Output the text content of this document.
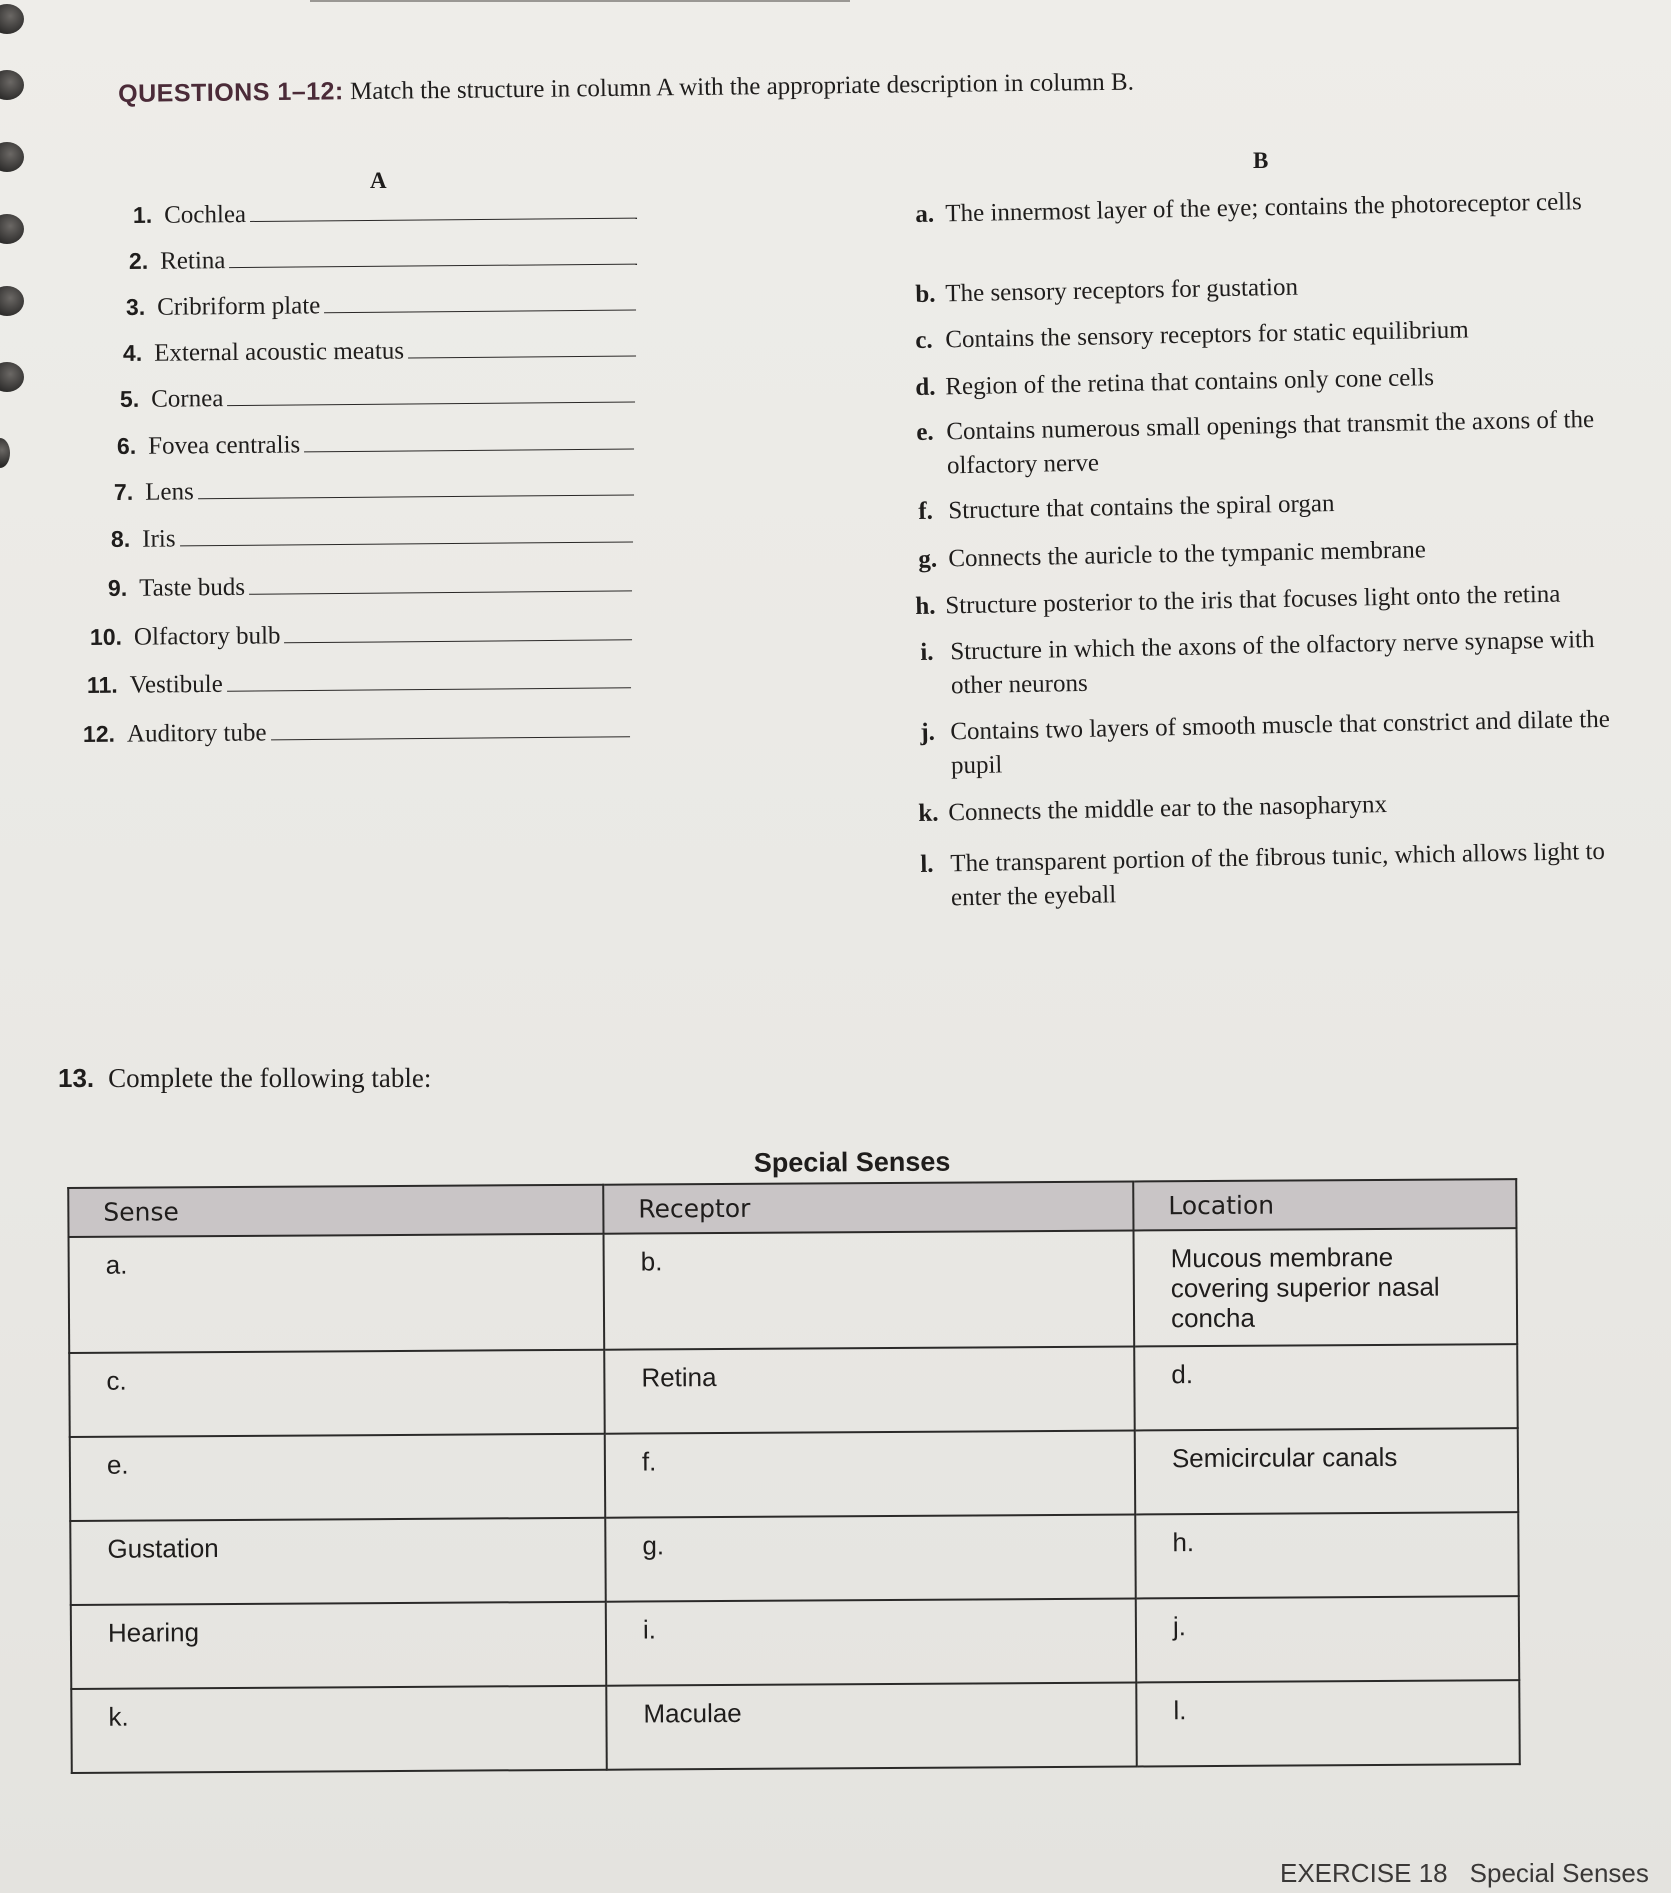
QUESTIONS 1–12: Match the structure in column A with the appropriate description in column B.
A
B
1. Cochlea
2. Retina
3. Cribriform plate
4. External acoustic meatus
5. Cornea
6. Fovea centralis
7. Lens
8. Iris
9. Taste buds
10. Olfactory bulb
11. Vestibule
12. Auditory tube
a. The innermost layer of the eye; contains the photoreceptor cells
b. The sensory receptors for gustation
c. Contains the sensory receptors for static equilibrium
d. Region of the retina that contains only cone cells
e. Contains numerous small openings that transmit the axons of the olfactory nerve
f. Structure that contains the spiral organ
g. Connects the auricle to the tympanic membrane
h. Structure posterior to the iris that focuses light onto the retina
i. Structure in which the axons of the olfactory nerve synapse with other neurons
j. Contains two layers of smooth muscle that constrict and dilate the pupil
k. Connects the middle ear to the nasopharynx
l. The transparent portion of the fibrous tunic, which allows light to enter the eyeball
13. Complete the following table:
Special Senses
Sense	Receptor	Location
a.	b.	Mucous membrane covering superior nasal concha
c.	Retina	d.
e.	f.	Semicircular canals
Gustation	g.	h.
Hearing	i.	j.
k.	Maculae	l.
EXERCISE 18 Special Senses
